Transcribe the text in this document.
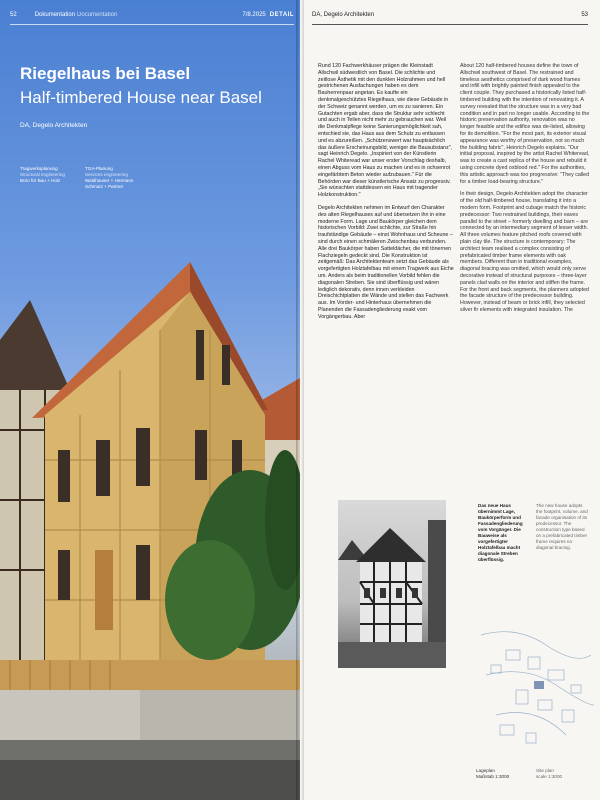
52	Dokumentation Documentation	7/8.2025 DETAIL
Riegelhaus bei Basel
Half-timbered House near Basel
DA, Degelo Architekten
Tragwerksplanung
Structural engineering
Büro für Bau + Holz
TGA-Planung
Services engineering
Waldhauser + Hermann Schmutz + Partner
DA, Degelo Architekten	53

Rund 120 Fachwerkhäuser prägen die Kleinstadt Allschwil südwestlich von Basel. Die schlichte und zeitlose Ästhetik mit den dunklen Holzrahmen und hell gestrichenen Ausfachungen haben es dem Bauherrenpaar angetan. Es kaufte ein denkmalgeschütztes Riegelhaus, wie diese Gebäude in der Schweiz genannt werden, um es zu sanieren. Ein Gutachten ergab aber, dass die Struktur sehr schlecht und auch in Teilen nicht mehr zu gebrauchen war. Weil die Denkmalpflege keine Sanierungsmöglichkeit sah, entschied sie, das Haus aus dem Schutz zu entlassen und es abzureißen. „Schützenswert war hauptsächlich das äußere Erscheinungsbild, weniger die Bausubstanz", sagt Heinrich Degelo. „Inspiriert von der Künstlerin Rachel Whiteread war unser erster Vorschlag deshalb, einen Abguss vom Haus zu machen und es in ochsenrot eingefärbtem Beton wieder aufzubauen." Für die Behörden war dieser künstlerische Ansatz zu progressiv. „Sie wünschten stattdessen ein Haus mit tragender Holzkonstruktion."

Degelo Architekten nehmen im Entwurf den Charakter des alten Riegelhauses auf und übersetzen ihn in eine moderne Form. Lage und Baukörper gleichen dem historischen Vorbild: Zwei schlichte, zur Straße hin traufständige Gebäude – einst Wohnhaus und Scheune – sind durch einen schmäleren Zwischenbau verbunden. Alle drei Baukörper haben Satteldächer, die mit tönernen Flachziegeln gedeckt sind. Die Konstruktion ist zeitgemäß: Das Architektenteam setzt das Gebäude als vorgefertigten Holztafelbau mit einem Tragwerk aus Eiche um. Anders als beim traditionellen Vorbild fehlen die diagonalen Streben. Sie sind überflüssig und wären lediglich dekorativ, denn innen verkleiden Dreischichtplatten die Wände und stellen das Fachwerk aus. Im Vorder- und Hinterhaus übernehmen die Planenden die Fassadengliederung exakt vom Vorgängerbau. Aber

About 120 half-timbered houses define the town of Allschwil southwest of Basel. The restrained and timeless aesthetics comprised of dark wood frames and infill with brightly painted finish appealed to the client couple. They purchased a historically listed half-timbered building with the intention of renovating it. A survey revealed that the structure was in a very bad condition and in part no longer usable. According to the historic preservation authority, renovation was no longer feasible and the edifice was de-listed, allowing for its demolition. "For the most part, its exterior visual appearance was worthy of preservation, not so much the building fabric", Heinrich Degelo explains. "Our initial proposal, inspired by the artist Rachel Whiteread, was to create a cast replica of the house and rebuild it using concrete dyed oxblood red." For the authorities, this artistic approach was too progressive: "They called for a timber load-bearing structure."

In their design, Degelo Architekten adopt the character of the old half-timbered house, translating it into a modern form. Footprint and cubage match the historic predecessor: Two restrained buildings, their eaves parallel to the street – formerly dwelling and barn – are connected by an intermediary segment of lesser width. All three volumes feature pitched roofs covered with plain clay tile. The structure is contemporary: The architect team realised a complex consisting of prefabricated timber frame elements with oak members. Different than in traditional examples, diagonal bracing was omitted, which would only serve decorative instead of structural purposes – three-layer panels clad walls on the interior and stiffen the frame. For the front and back segments, the planners adopted the facade structure of the predecessor building. However, instead of beam or brick infill, they selected silver fir elements with integrated insulation. The

Das neue Haus übernimmt Lage, Baukörperform und Fassadengliederung vom Vorgänger. Die Bauweise als vorgefertigter Holztafelbau macht diagonale Streben überflüssig.
The new house adopts the footprint, volume, and facade organisation of its predecessor. The construction type based on a prefabricated timber frame requires no diagonal bracing.
Lageplan
Maßstab 1:3000
Site plan
scale 1:3000
